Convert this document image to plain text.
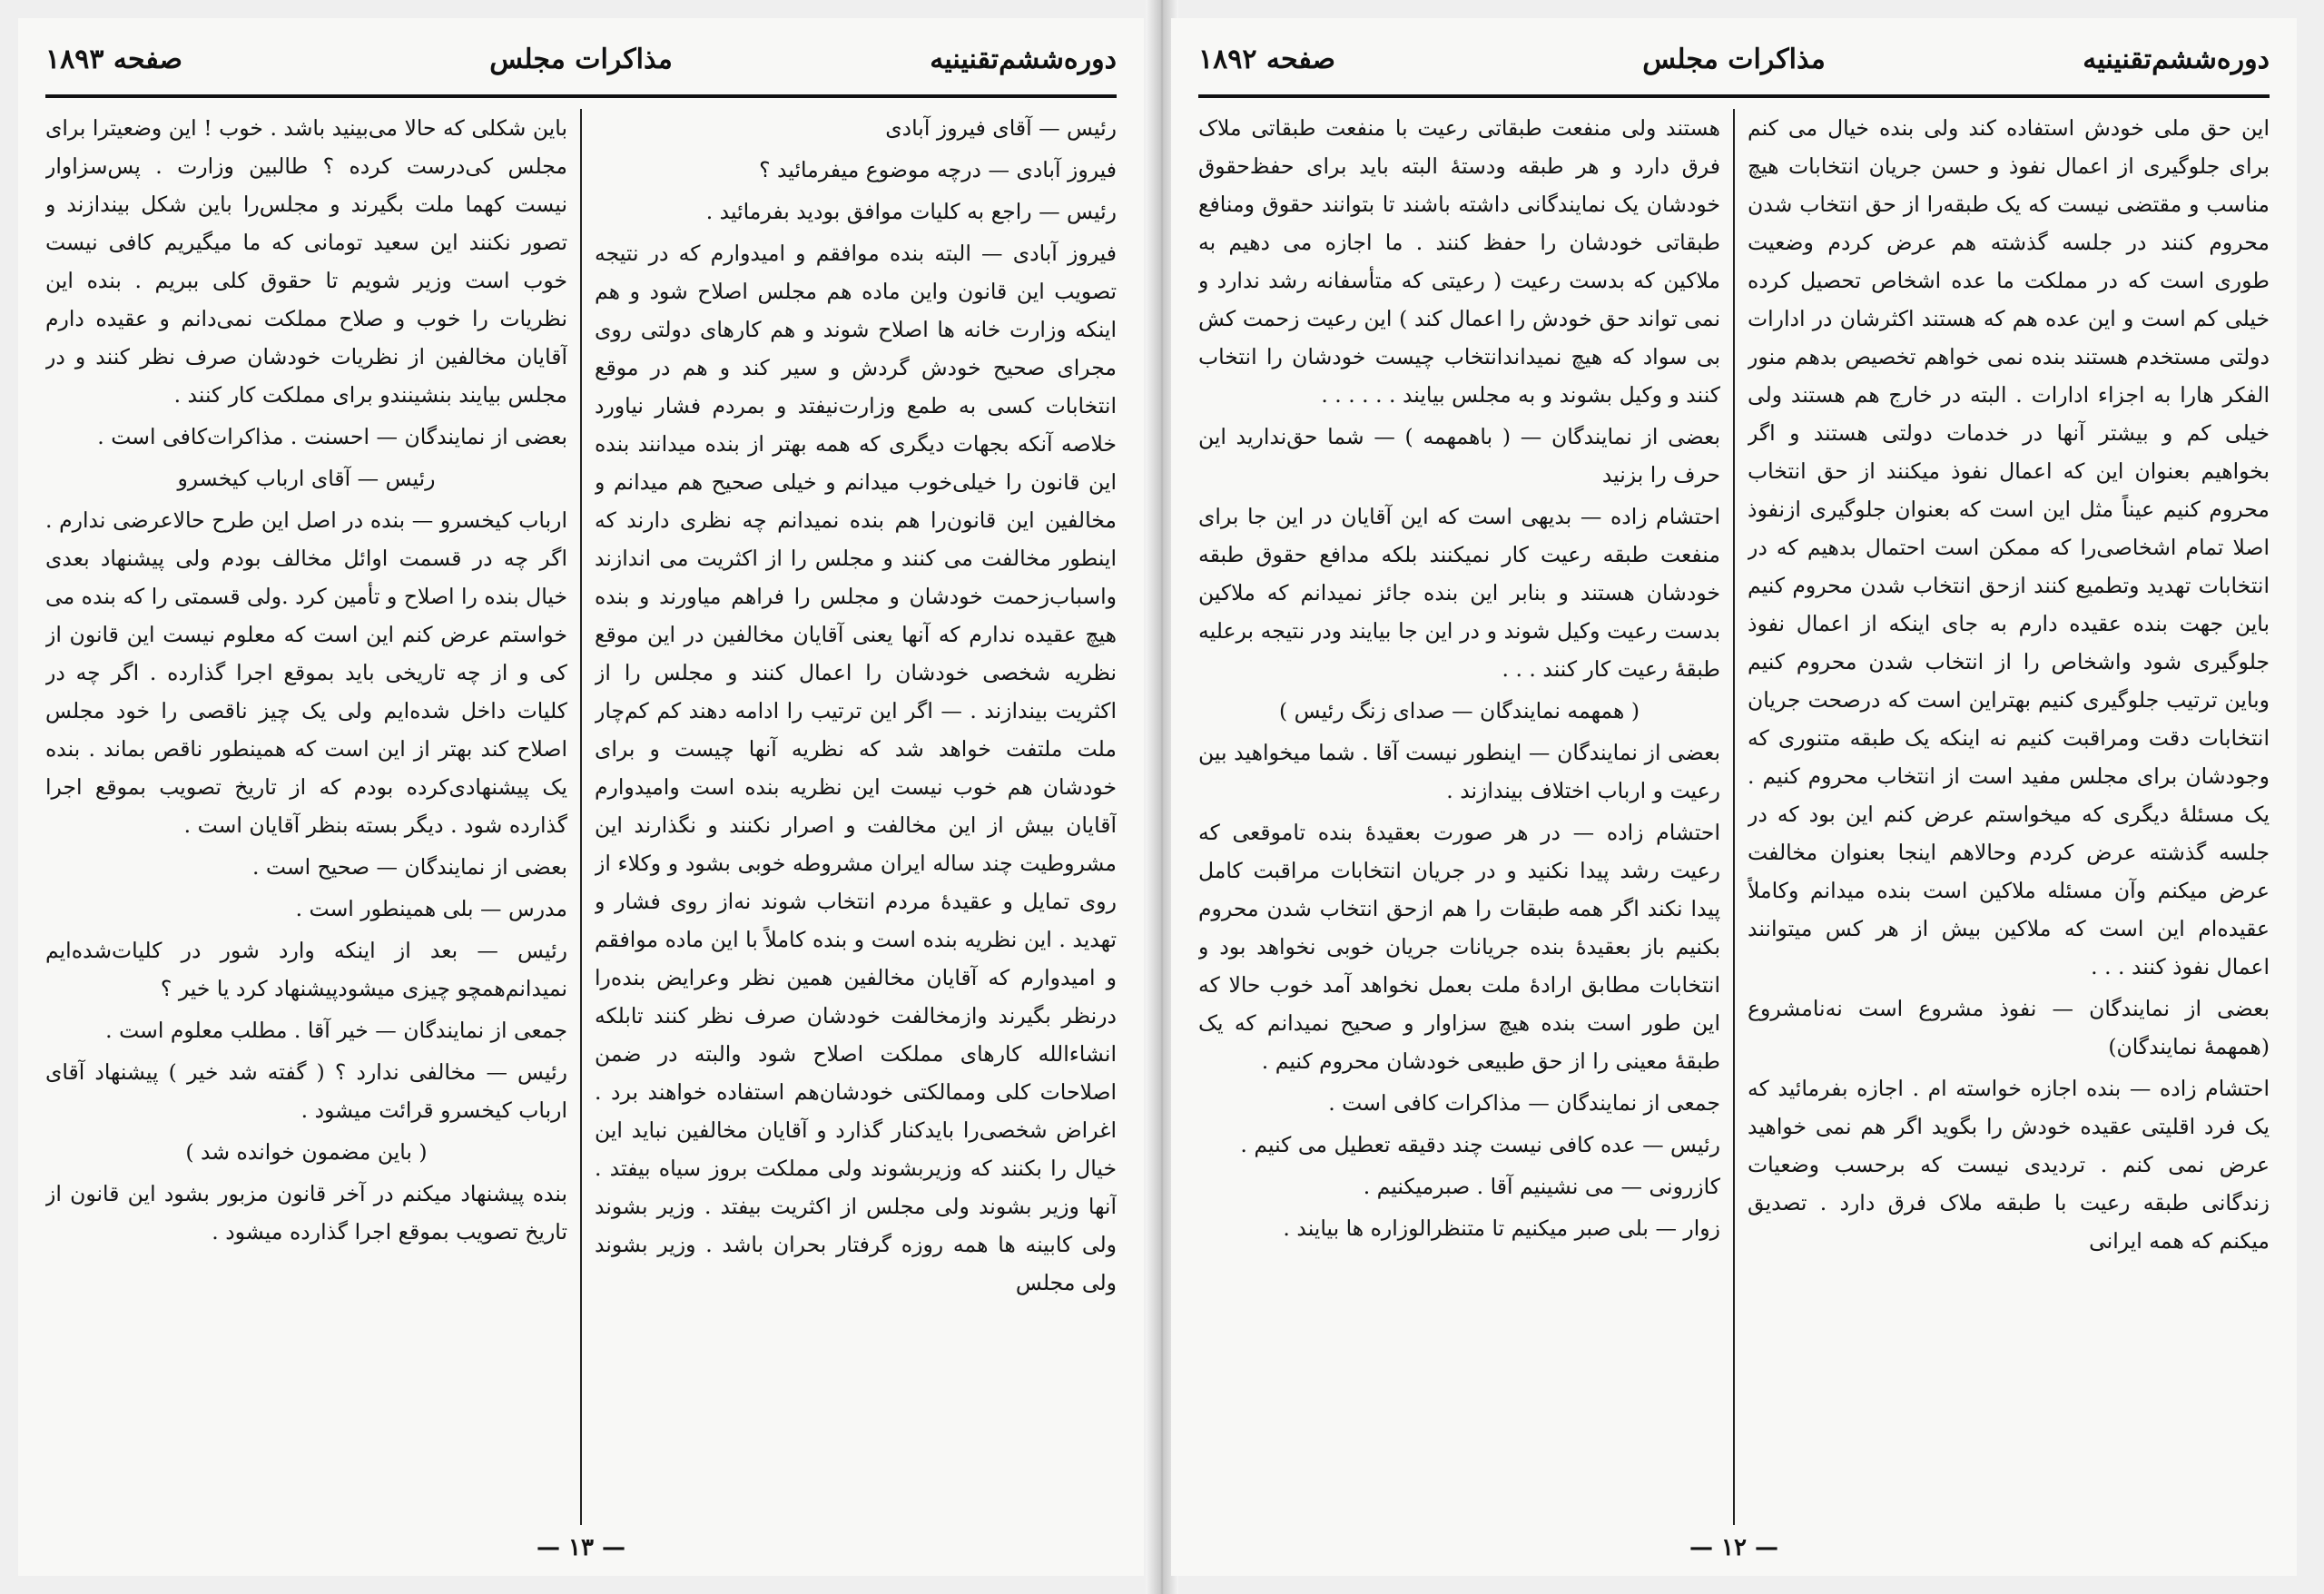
دوره‌ششم‌تقنینیه
مذاکرات مجلس
صفحه ۱۸۹۳

رئیس — آقای فیروز آبادی

فیروز آبادی — درچه موضوع میفرمائید ؟

رئیس — راجع به کلیات موافق بودید بفرمائید .

فیروز آبادی — البته بنده موافقم و امیدوارم که در نتیجه تصویب این قانون واین ماده هم مجلس اصلاح شود و هم اینکه وزارت خانه ها اصلاح شوند و هم کارهای دولتی روی مجرای صحیح خودش گردش و سیر کند و هم در موقع انتخابات کسی به طمع وزارت‌نیفتد و بمردم فشار نیاورد خلاصه آنکه بجهات دیگری که همه بهتر از بنده میدانند بنده این قانون را خیلی‌خوب میدانم و خیلی صحیح هم میدانم و مخالفین این قانون‌را هم بنده نمیدانم چه نظری دارند که اینطور مخالفت می کنند و مجلس را از اکثریت می اندازند واسباب‌زحمت خودشان و مجلس را فراهم میاورند و بنده هیچ عقیده ندارم که آنها یعنی آقایان مخالفین در این موقع نظریه شخصی خودشان را اعمال کنند و مجلس را از اکثریت بیندازند . — اگر این ترتیب را ادامه دهند کم کم‌چار ملت ملتفت خواهد شد که نظریه آنها چیست و برای خودشان هم خوب نیست این نظریه بنده است وامیدوارم آقایان بیش از این مخالفت و اصرار نکنند و نگذارند این مشروطیت چند ساله ایران مشروطه خوبی بشود و وکلاء از روی تمایل و عقیدهٔ مردم انتخاب شوند نه‌از روی فشار و تهدید . این نظریه بنده است و بنده کاملاً با این ماده موافقم و امیدوارم که آقایان مخالفین همین نظر وعرایض بنده‌را درنظر بگیرند وازمخالفت خودشان صرف نظر کنند تابلکه انشاءالله کارهای مملکت اصلاح شود والبته در ضمن اصلاحات کلی وممالکتی خودشان‌هم استفاده خواهند برد . اغراض شخصی‌را باید‌کنار گذارد و آقایان مخالفین نباید این خیال را بکنند که وزیر‌بشوند ولی مملکت بروز سیاه بیفتد . آنها وزیر بشوند ولی مجلس از اکثریت بیفتد . وزیر بشوند ولی کابینه ها همه روزه گرفتار بحران باشد . وزیر بشوند ولی مجلس

باین شکلی که حالا می‌بینید باشد . خوب ! این وضعیترا برای مجلس کی‌درست کرده ؟ طالبین وزارت . پس‌سزاوار نیست کهما ملت بگیرند و مجلس‌را باین شکل بیندازند و تصور نکنند این سعید تومانی که ما میگیریم کافی نیست خوب است وزیر شویم تا حقوق کلی ببریم . بنده این نظریات را خوب و صلاح مملکت نمی‌دانم و عقیده دارم آقایان مخالفین از نظریات خودشان صرف نظر کنند و در مجلس بیایند بنشینندو برای مملکت کار کنند .

بعضی از نمایندگان — احسنت . مذاکرات‌کافی است .

رئیس — آقای ارباب کیخسرو

ارباب کیخسرو — بنده در اصل این طرح حالا‌عرضی ندارم . اگر چه در قسمت اوائل مخالف بودم ولی پیشنهاد بعدی خیال بنده را اصلاح و تأمین کرد .ولی قسمتی را که بنده می خواستم عرض کنم این است که معلوم نیست این قانون از کی و از چه تاریخی باید بموقع اجرا گذارده . اگر چه در کلیات داخل شده‌ایم ولی یک چیز ناقصی را خود مجلس اصلاح کند بهتر از این است که همینطور ناقص بماند . بنده یک پیشنهادی‌کرده بودم که از تاریخ تصویب بموقع اجرا گذارده شود . دیگر بسته بنظر آقایان است .

بعضی از نمایندگان — صحیح است .

مدرس — بلی همینطور است .

رئیس — بعد از اینکه وارد شور در کلیات‌شده‌ایم نمیدانم‌همچو چیزی میشود‌پیشنهاد کرد یا خیر ؟

جمعی از نمایندگان — خیر آقا . مطلب معلوم است .

رئیس — مخالفی ندارد ؟ ( گفته شد خیر ) پیشنهاد آقای ارباب کیخسرو قرائت میشود .

( باین مضمون خوانده شد )

بنده پیشنهاد میکنم در آخر قانون مزبور بشود این قانون از تاریخ تصویب بموقع اجرا گذارده میشود .

— ۱۳ —
دوره‌ششم‌تقنینیه
مذاکرات مجلس
صفحه ۱۸۹۲

این حق ملی خودش استفاده کند ولی بنده خیال می کنم برای جلوگیری از اعمال نفوذ و حسن جریان انتخابات هیچ مناسب و مقتضی نیست که یک طبقه‌را از حق انتخاب شدن محروم کنند در جلسه گذشته هم عرض کردم وضعیت طوری است که در مملکت ما عده اشخاص تحصیل کرده خیلی کم است و این عده هم که هستند اکثرشان در ادارات دولتی مستخدم هستند بنده نمی خواهم تخصیص بدهم منور الفکر هارا به اجزاء ادارات . البته در خارج هم هستند ولی خیلی کم و بیشتر آنها در خدمات دولتی هستند و اگر بخواهیم بعنوان این که اعمال نفوذ میکنند از حق انتخاب محروم کنیم عیناً مثل این است که بعنوان جلوگیری ازنفوذ اصلا تمام اشخاصی‌را که ممکن است احتمال بدهیم که در انتخابات تهدید وتطمیع کنند ازحق انتخاب شدن محروم کنیم باین جهت بنده عقیده دارم به جای اینکه از اعمال نفوذ جلوگیری شود واشخاص را از انتخاب شدن محروم کنیم وباین ترتیب جلوگیری کنیم بهتراین است که درصحت جریان انتخابات دقت ومراقبت کنیم نه اینکه یک طبقه متنوری که وجودشان برای مجلس مفید است از انتخاب محروم کنیم . یک مسئلهٔ دیگری که میخواستم عرض کنم این بود که در جلسه گذشته عرض کردم وحالاهم اینجا بعنوان مخالفت عرض میکنم وآن مسئله ملاکین است بنده میدانم وکاملاً عقیده‌ام این است که ملاکین بیش از هر کس میتوانند اعمال نفوذ کنند . . .

بعضی از نمایندگان — نفوذ مشروع است نه‌نامشروع (همهمهٔ نمایندگان)

احتشام زاده — بنده اجازه خواسته ام . اجازه بفرمائید که یک فرد اقلیتی عقیده خودش را بگوید اگر هم نمی خواهید عرض نمی کنم . تردیدی نیست که برحسب وضعیات زندگانی طبقه رعیت با طبقه ملاک فرق دارد . تصدیق میکنم که همه ایرانی

هستند ولی منفعت طبقاتی رعیت با منفعت طبقاتی ملاک فرق دارد و هر طبقه ودستهٔ البته باید برای حفظ‌حقوق خودشان یک نمایندگانی داشته باشند تا بتوانند حقوق ومنافع طبقاتی خودشان را حفظ کنند . ما اجازه می دهیم به ملاکین که بدست رعیت ( رعیتی که متأسفانه رشد ندارد و نمی تواند حق خودش را اعمال کند ) این رعیت زحمت کش بی سواد که هیچ نمیداند‌انتخاب چیست خودشان را انتخاب کنند و وکیل بشوند و به مجلس بیایند . . . . . .

بعضی از نمایندگان — ( باهمهمه ) — شما حق‌ندارید این حرف را بزنید

احتشام زاده — بدیهی است که این آقایان در این جا برای منفعت طبقه رعیت کار نمیکنند بلکه مدافع حقوق طبقه خودشان هستند و بنابر این بنده جائز نمیدانم که ملاکین بدست رعیت وکیل شوند و در این جا بیایند ودر نتیجه برعلیه طبقهٔ رعیت کار کنند . . .

( همهمه نمایندگان — صدای زنگ رئیس )

بعضی از نمایندگان — اینطور نیست آقا . شما میخواهید بین رعیت و ارباب اختلاف بیندازند .

احتشام زاده — در هر صورت بعقیدهٔ بنده تاموقعی که رعیت رشد پیدا نکنید و در جریان انتخابات مراقبت کامل پیدا نکند اگر همه طبقات را هم ازحق انتخاب شدن محروم بکنیم باز بعقیدهٔ بنده جریانات جریان خوبی نخواهد بود و انتخابات مطابق ارادهٔ ملت بعمل نخواهد آمد خوب حالا که این طور است بنده هیچ سزاوار و صحیح نمیدانم که یک طبقهٔ معینی را از حق طبیعی خودشان محروم کنیم .

جمعی از نمایندگان — مذاکرات کافی است .

رئیس — عده کافی نیست چند دقیقه تعطیل می کنیم .

کازرونی — می نشینیم آقا . صبرمیکنیم .

زوار — بلی صبر میکنیم تا متنظرالوزاره ها بیایند .

— ۱۲ —
